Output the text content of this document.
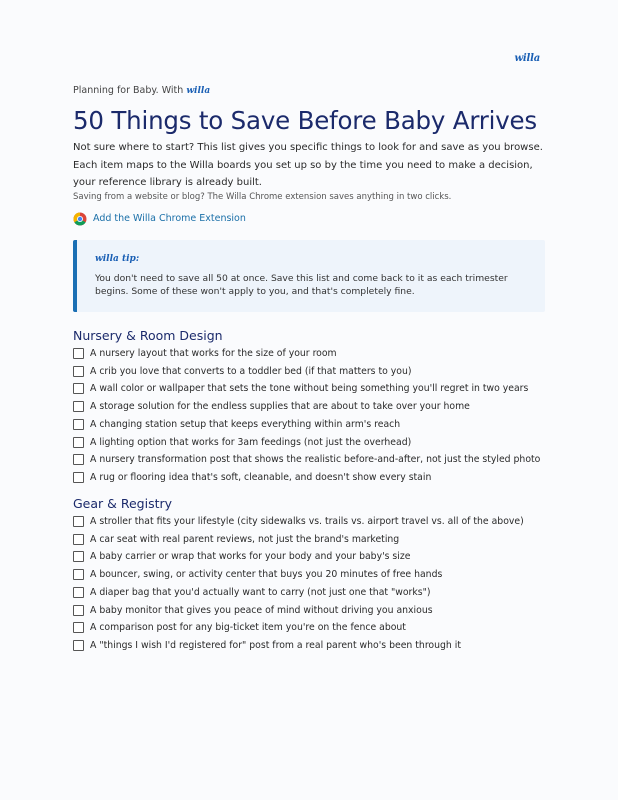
willa
Planning for Baby. With willa
50 Things to Save Before Baby Arrives
Not sure where to start? This list gives you specific things to look for and save as you browse. Each item maps to the Willa boards you set up so by the time you need to make a decision, your reference library is already built.
Saving from a website or blog? The Willa Chrome extension saves anything in two clicks.
Add the Willa Chrome Extension
willa tip:
You don't need to save all 50 at once. Save this list and come back to it as each trimester begins. Some of these won't apply to you, and that's completely fine.
Nursery & Room Design
A nursery layout that works for the size of your room
A crib you love that converts to a toddler bed (if that matters to you)
A wall color or wallpaper that sets the tone without being something you'll regret in two years
A storage solution for the endless supplies that are about to take over your home
A changing station setup that keeps everything within arm's reach
A lighting option that works for 3am feedings (not just the overhead)
A nursery transformation post that shows the realistic before-and-after, not just the styled photo
A rug or flooring idea that's soft, cleanable, and doesn't show every stain
Gear & Registry
A stroller that fits your lifestyle (city sidewalks vs. trails vs. airport travel vs. all of the above)
A car seat with real parent reviews, not just the brand's marketing
A baby carrier or wrap that works for your body and your baby's size
A bouncer, swing, or activity center that buys you 20 minutes of free hands
A diaper bag that you'd actually want to carry (not just one that "works")
A baby monitor that gives you peace of mind without driving you anxious
A comparison post for any big-ticket item you're on the fence about
A "things I wish I'd registered for" post from a real parent who's been through it
